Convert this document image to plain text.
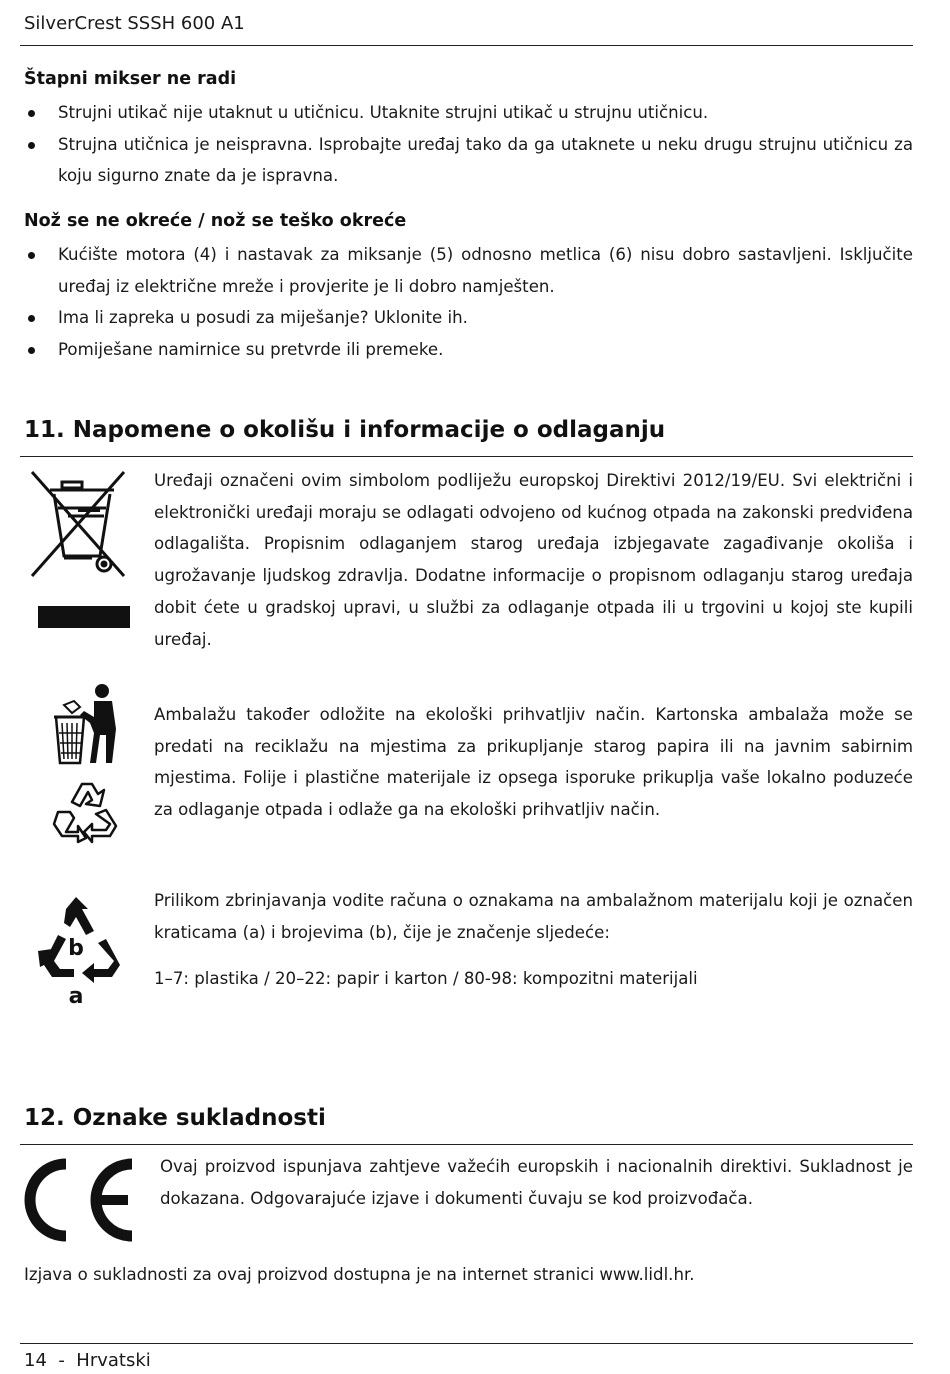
SilverCrest SSSH 600 A1
Štapni mikser ne radi
Strujni utikač nije utaknut u utičnicu. Utaknite strujni utikač u strujnu utičnicu.
Strujna utičnica je neispravna. Isprobajte uređaj tako da ga utaknete u neku drugu strujnu utičnicu za koju sigurno znate da je ispravna.
Nož se ne okreće / nož se teško okreće
Kućište motora (4) i nastavak za miksanje (5) odnosno metlica (6) nisu dobro sastavljeni. Isključite uređaj iz električne mreže i provjerite je li dobro namješten.
Ima li zapreka u posudi za miješanje? Uklonite ih.
Pomiješane namirnice su pretvrde ili premeke.
11. Napomene o okolišu i informacije o odlaganju

Uređaji označeni ovim simbolom podliježu europskoj Direktivi 2012/19/EU. Svi električni i elektronički uređaji moraju se odlagati odvojeno od kućnog otpada na zakonski predviđena odlagališta. Propisnim odlaganjem starog uređaja izbjegavate zagađivanje okoliša i ugrožavanje ljudskog zdravlja. Dodatne informacije o propisnom odlaganju starog uređaja dobit ćete u gradskoj upravi, u službi za odlaganje otpada ili u trgovini u kojoj ste kupili uređaj.

Ambalažu također odložite na ekološki prihvatljiv način. Kartonska ambalaža može se predati na reciklažu na mjestima za prikupljanje starog papira ili na javnim sabirnim mjestima. Folije i plastične materijale iz opsega isporuke prikuplja vaše lokalno poduzeće za odlaganje otpada i odlaže ga na ekološki prihvatljiv način.

b
a

Prilikom zbrinjavanja vodite računa o oznakama na ambalažnom materijalu koji je označen kraticama (a) i brojevima (b), čije je značenje sljedeće:

1–7: plastika / 20–22: papir i karton / 80-98: kompozitni materijali

12. Oznake sukladnosti

Ovaj proizvod ispunjava zahtjeve važećih europskih i nacionalnih direktivi. Sukladnost je dokazana. Odgovarajuće izjave i dokumenti čuvaju se kod proizvođača.

Izjava o sukladnosti za ovaj proizvod dostupna je na internet stranici www.lidl.hr.

14  -  Hrvatski
